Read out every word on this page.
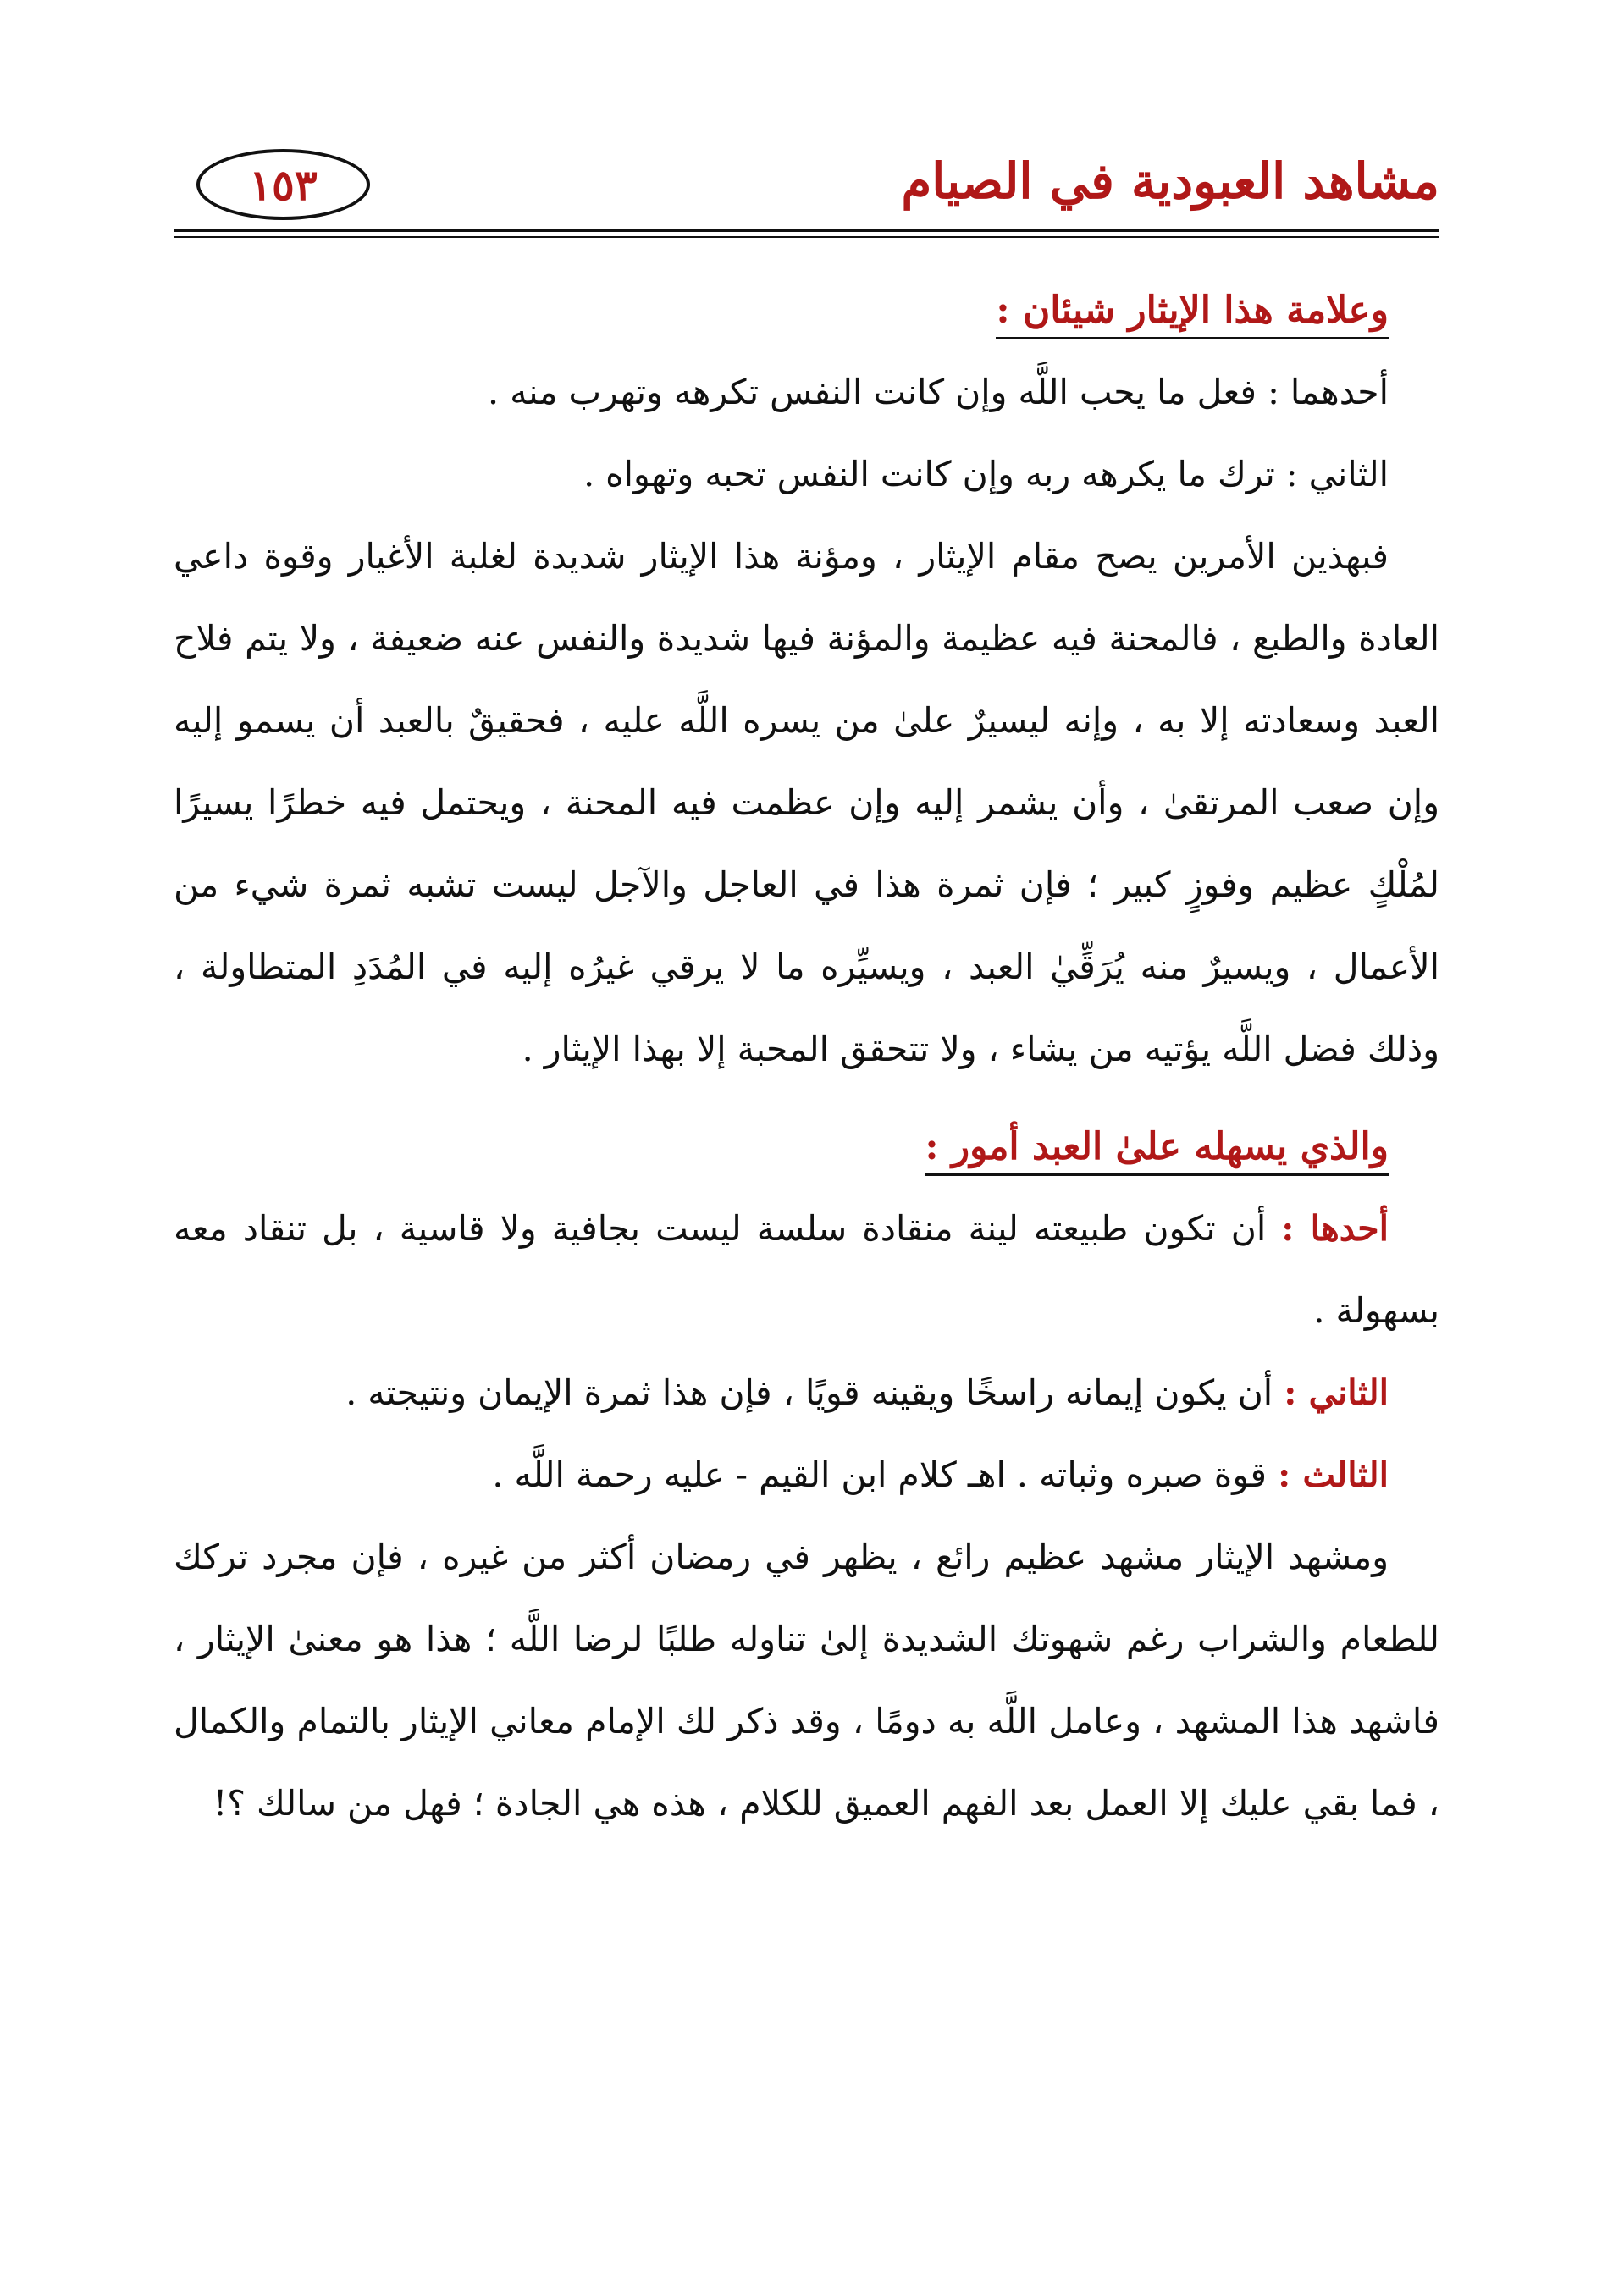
مشاهد العبودية في الصيام
١٥٣

وعلامة هذا الإيثار شيئان :

أحدهما : فعل ما يحب اللَّه وإن كانت النفس تكرهه وتهرب منه .

الثاني : ترك ما يكرهه ربه وإن كانت النفس تحبه وتهواه .

فبهذين الأمرين يصح مقام الإيثار ، ومؤنة هذا الإيثار شديدة لغلبة الأغيار وقوة داعي العادة والطبع ، فالمحنة فيه عظيمة والمؤنة فيها شديدة والنفس عنه ضعيفة ، ولا يتم فلاح العبد وسعادته إلا به ، وإنه ليسيرٌ علىٰ من يسره اللَّه عليه ، فحقيقٌ بالعبد أن يسمو إليه وإن صعب المرتقىٰ ، وأن يشمر إليه وإن عظمت فيه المحنة ، ويحتمل فيه خطرًا يسيرًا لمُلْكٍ عظيم وفوزٍ كبير ؛ فإن ثمرة هذا في العاجل والآجل ليست تشبه ثمرة شيء من الأعمال ، ويسيرٌ منه يُرَقِّيٰ العبد ، ويسيِّره ما لا يرقي غيرُه إليه في المُدَدِ المتطاولة ، وذلك فضل اللَّه يؤتيه من يشاء ، ولا تتحقق المحبة إلا بهذا الإيثار .

والذي يسهله علىٰ العبد أمور :

أحدها : أن تكون طبيعته لينة منقادة سلسة ليست بجافية ولا قاسية ، بل تنقاد معه بسهولة .

الثاني : أن يكون إيمانه راسخًا ويقينه قويًا ، فإن هذا ثمرة الإيمان ونتيجته .

الثالث : قوة صبره وثباته . اهـ كلام ابن القيم - عليه رحمة اللَّه .

ومشهد الإيثار مشهد عظيم رائع ، يظهر في رمضان أكثر من غيره ، فإن مجرد تركك للطعام والشراب رغم شهوتك الشديدة إلىٰ تناوله طلبًا لرضا اللَّه ؛ هذا هو معنىٰ الإيثار ، فاشهد هذا المشهد ، وعامل اللَّه به دومًا ، وقد ذكر لك الإمام معاني الإيثار بالتمام والكمال ، فما بقي عليك إلا العمل بعد الفهم العميق للكلام ، هذه هي الجادة ؛ فهل من سالك ؟!
